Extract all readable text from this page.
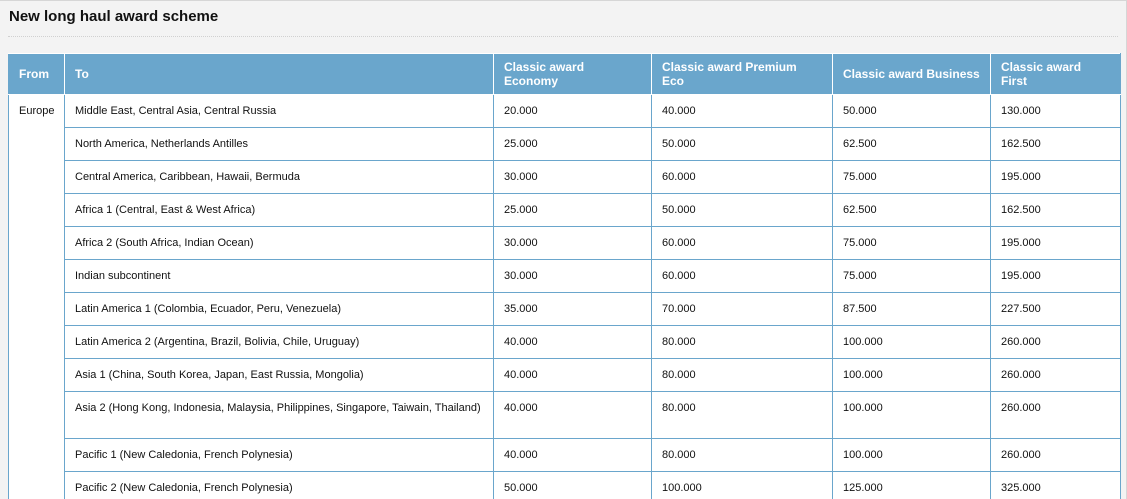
New long haul award scheme
From	To	Classic award Economy	Classic award Premium Eco	Classic award Business	Classic award First
Europe	Middle East, Central Asia, Central Russia	20.000	40.000	50.000	130.000
	North America, Netherlands Antilles	25.000	50.000	62.500	162.500
	Central America, Caribbean, Hawaii, Bermuda	30.000	60.000	75.000	195.000
	Africa 1 (Central, East & West Africa)	25.000	50.000	62.500	162.500
	Africa 2 (South Africa, Indian Ocean)	30.000	60.000	75.000	195.000
	Indian subcontinent	30.000	60.000	75.000	195.000
	Latin America 1 (Colombia, Ecuador, Peru, Venezuela)	35.000	70.000	87.500	227.500
	Latin America 2 (Argentina, Brazil, Bolivia, Chile, Uruguay)	40.000	80.000	100.000	260.000
	Asia 1 (China, South Korea, Japan, East Russia, Mongolia)	40.000	80.000	100.000	260.000
	Asia 2 (Hong Kong, Indonesia, Malaysia, Philippines, Singapore, Taiwain, Thailand)	40.000	80.000	100.000	260.000
	Pacific 1 (New Caledonia, French Polynesia)	40.000	80.000	100.000	260.000
	Pacific 2 (New Caledonia, French Polynesia)	50.000	100.000	125.000	325.000
